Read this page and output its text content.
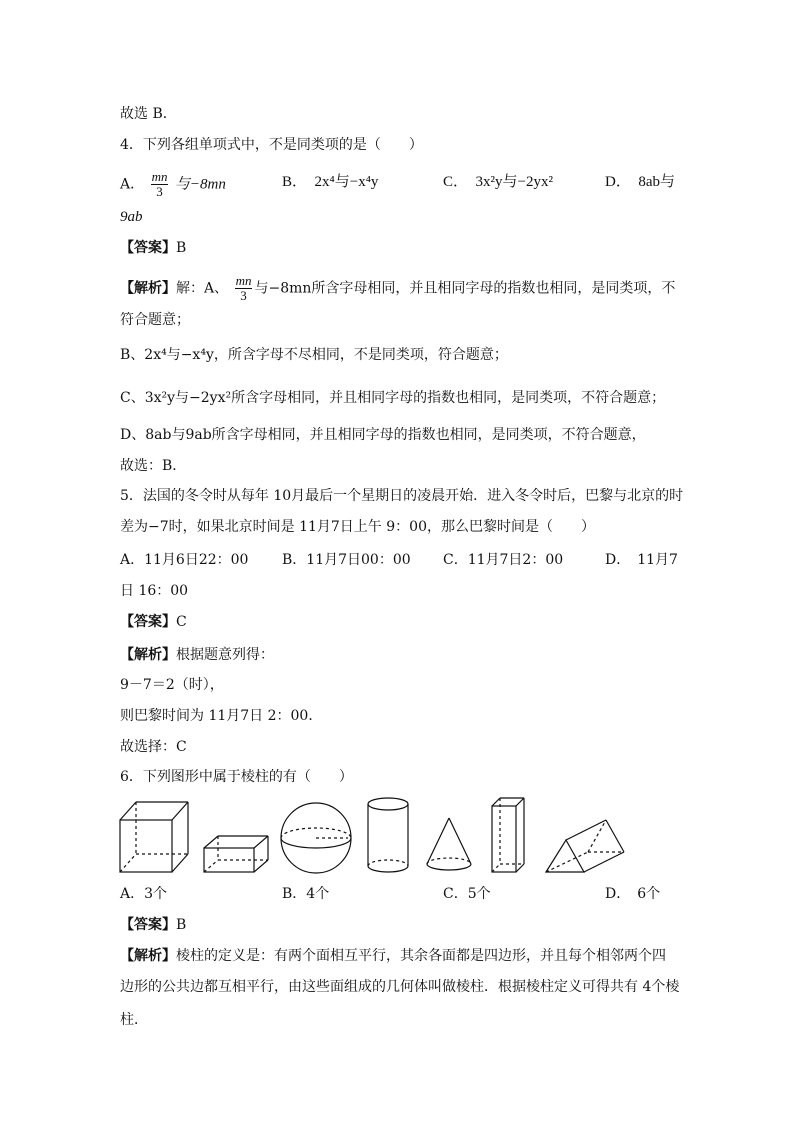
故选 B．
4．下列各组单项式中，不是同类项的是（　　）
A． $\frac{mn}{3}$ 与−8mn	B．　2x⁴与−x⁴y	C．　3x²y与−2yx²	D．　8ab与
9ab
【答案】B
【解析】解：A、 $\frac{mn}{3}$ 与−8mn所含字母相同，并且相同字母的指数也相同，是同类项，不
符合题意；
B、2x⁴与−x⁴y，所含字母不尽相同，不是同类项，符合题意；
C、3x²y与−2yx²所含字母相同，并且相同字母的指数也相同，是同类项，不符合题意；
D、8ab与9ab所含字母相同，并且相同字母的指数也相同，是同类项，不符合题意，
故选：B．
5．法国的冬令时从每年 10月最后一个星期日的凌晨开始．进入冬令时后，巴黎与北京的时
差为−7时，如果北京时间是 11月7日上午 9：00，那么巴黎时间是（　　）
A．11月6日22：00 B．11月7日00：00 C．11月7日2：00	D．　11月7
日 16：00
【答案】C
【解析】根据题意列得：
9－7＝2（时），
则巴黎时间为 11月7日 2：00．
故选择：C
6．下列图形中属于棱柱的有（　　）
A．3个	B．4个	C．5个	D．　6个
【答案】B
【解析】棱柱的定义是：有两个面相互平行，其余各面都是四边形，并且每个相邻两个四
边形的公共边都互相平行，由这些面组成的几何体叫做棱柱．根据棱柱定义可得共有 4个棱
柱．
